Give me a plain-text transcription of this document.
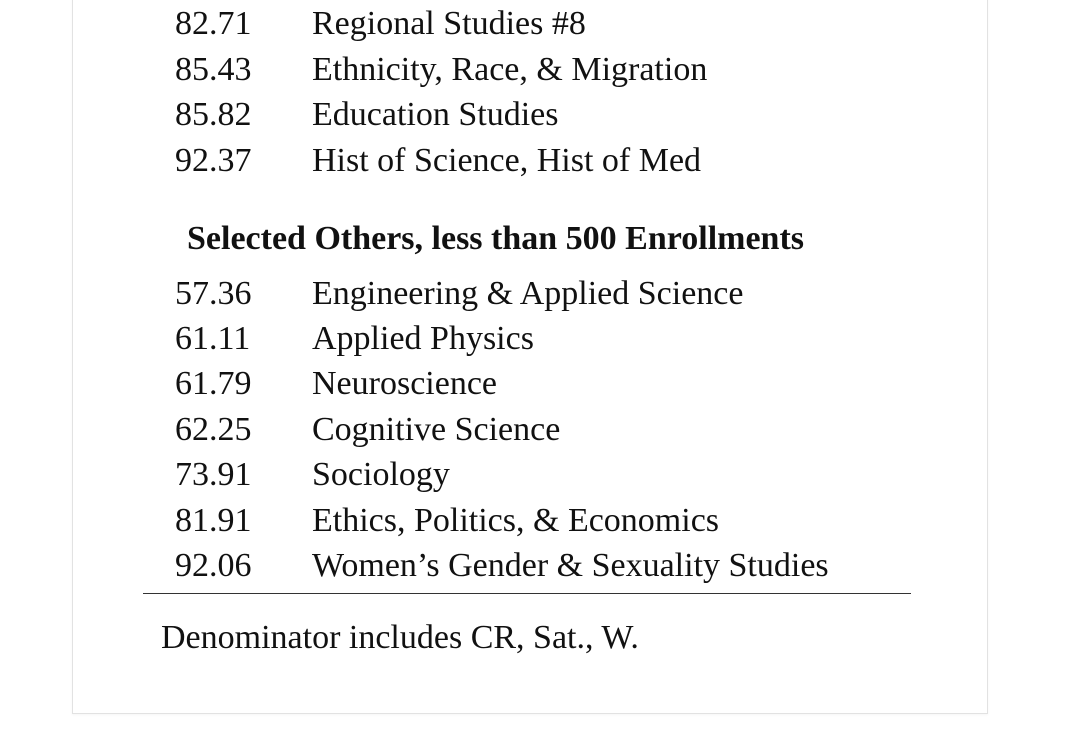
82.71 Regional Studies #8
85.43 Ethnicity, Race, & Migration
85.82 Education Studies
92.37 Hist of Science, Hist of Med
Selected Others, less than 500 Enrollments
57.36 Engineering & Applied Science
61.11 Applied Physics
61.79 Neuroscience
62.25 Cognitive Science
73.91 Sociology
81.91 Ethics, Politics, & Economics
92.06 Women’s Gender & Sexuality Studies
Denominator includes CR, Sat., W.
